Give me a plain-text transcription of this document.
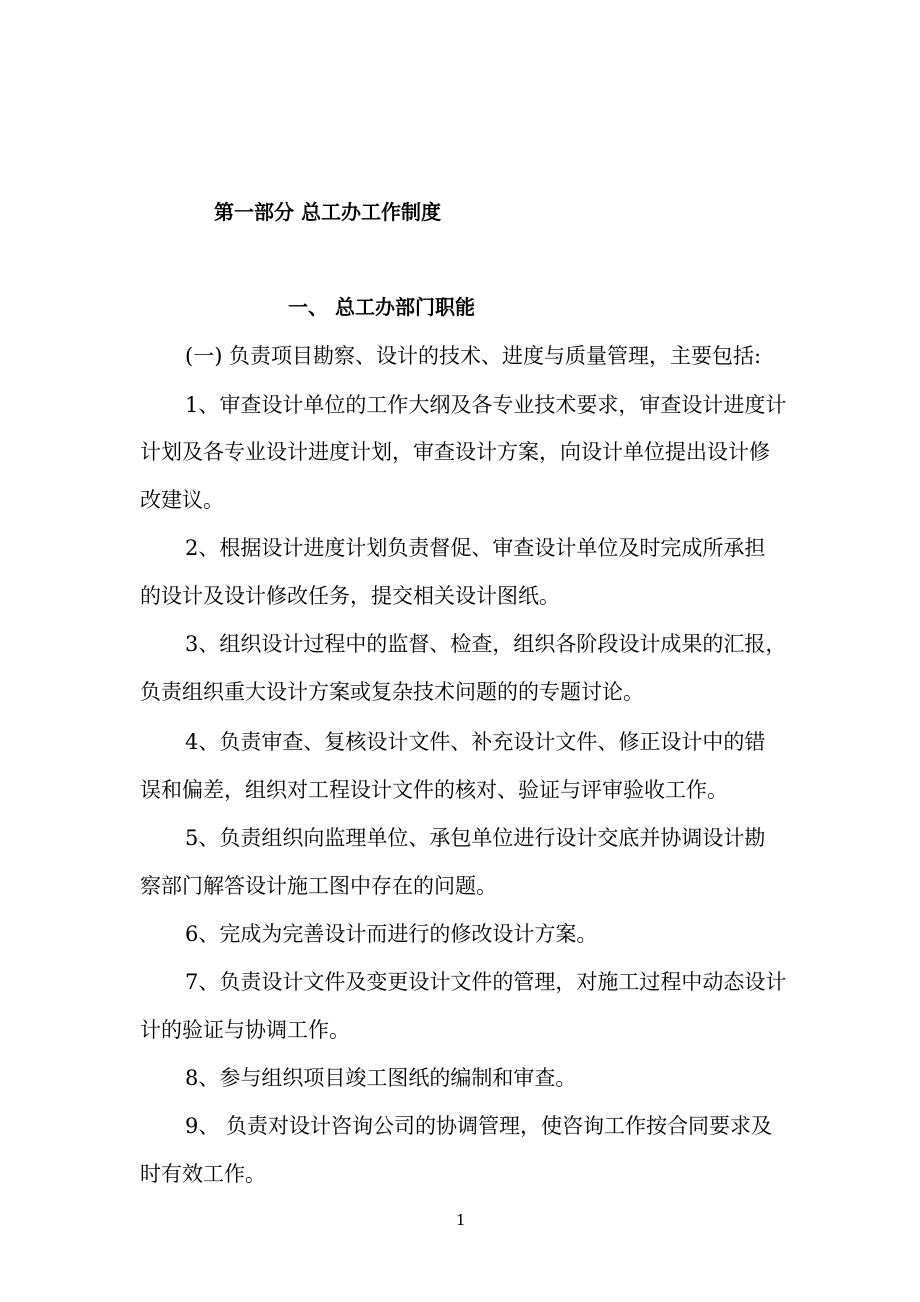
第一部分 总工办工作制度
一、 总工办部门职能
(一) 负责项目勘察、设计的技术、进度与质量管理，主要包括:
1、审查设计单位的工作大纲及各专业技术要求，审查设计进度计
计划及各专业设计进度计划，审查设计方案，向设计单位提出设计修
改建议。
2、根据设计进度计划负责督促、审查设计单位及时完成所承担
的设计及设计修改任务，提交相关设计图纸。
3、组织设计过程中的监督、检查，组织各阶段设计成果的汇报，
负责组织重大设计方案或复杂技术问题的的专题讨论。
4、负责审查、复核设计文件、补充设计文件、修正设计中的错
误和偏差，组织对工程设计文件的核对、验证与评审验收工作。
5、负责组织向监理单位、承包单位进行设计交底并协调设计勘
察部门解答设计施工图中存在的问题。
6、完成为完善设计而进行的修改设计方案。
7、负责设计文件及变更设计文件的管理，对施工过程中动态设计
计的验证与协调工作。
8、参与组织项目竣工图纸的编制和审查。
9、 负责对设计咨询公司的协调管理，使咨询工作按合同要求及
时有效工作。
1
